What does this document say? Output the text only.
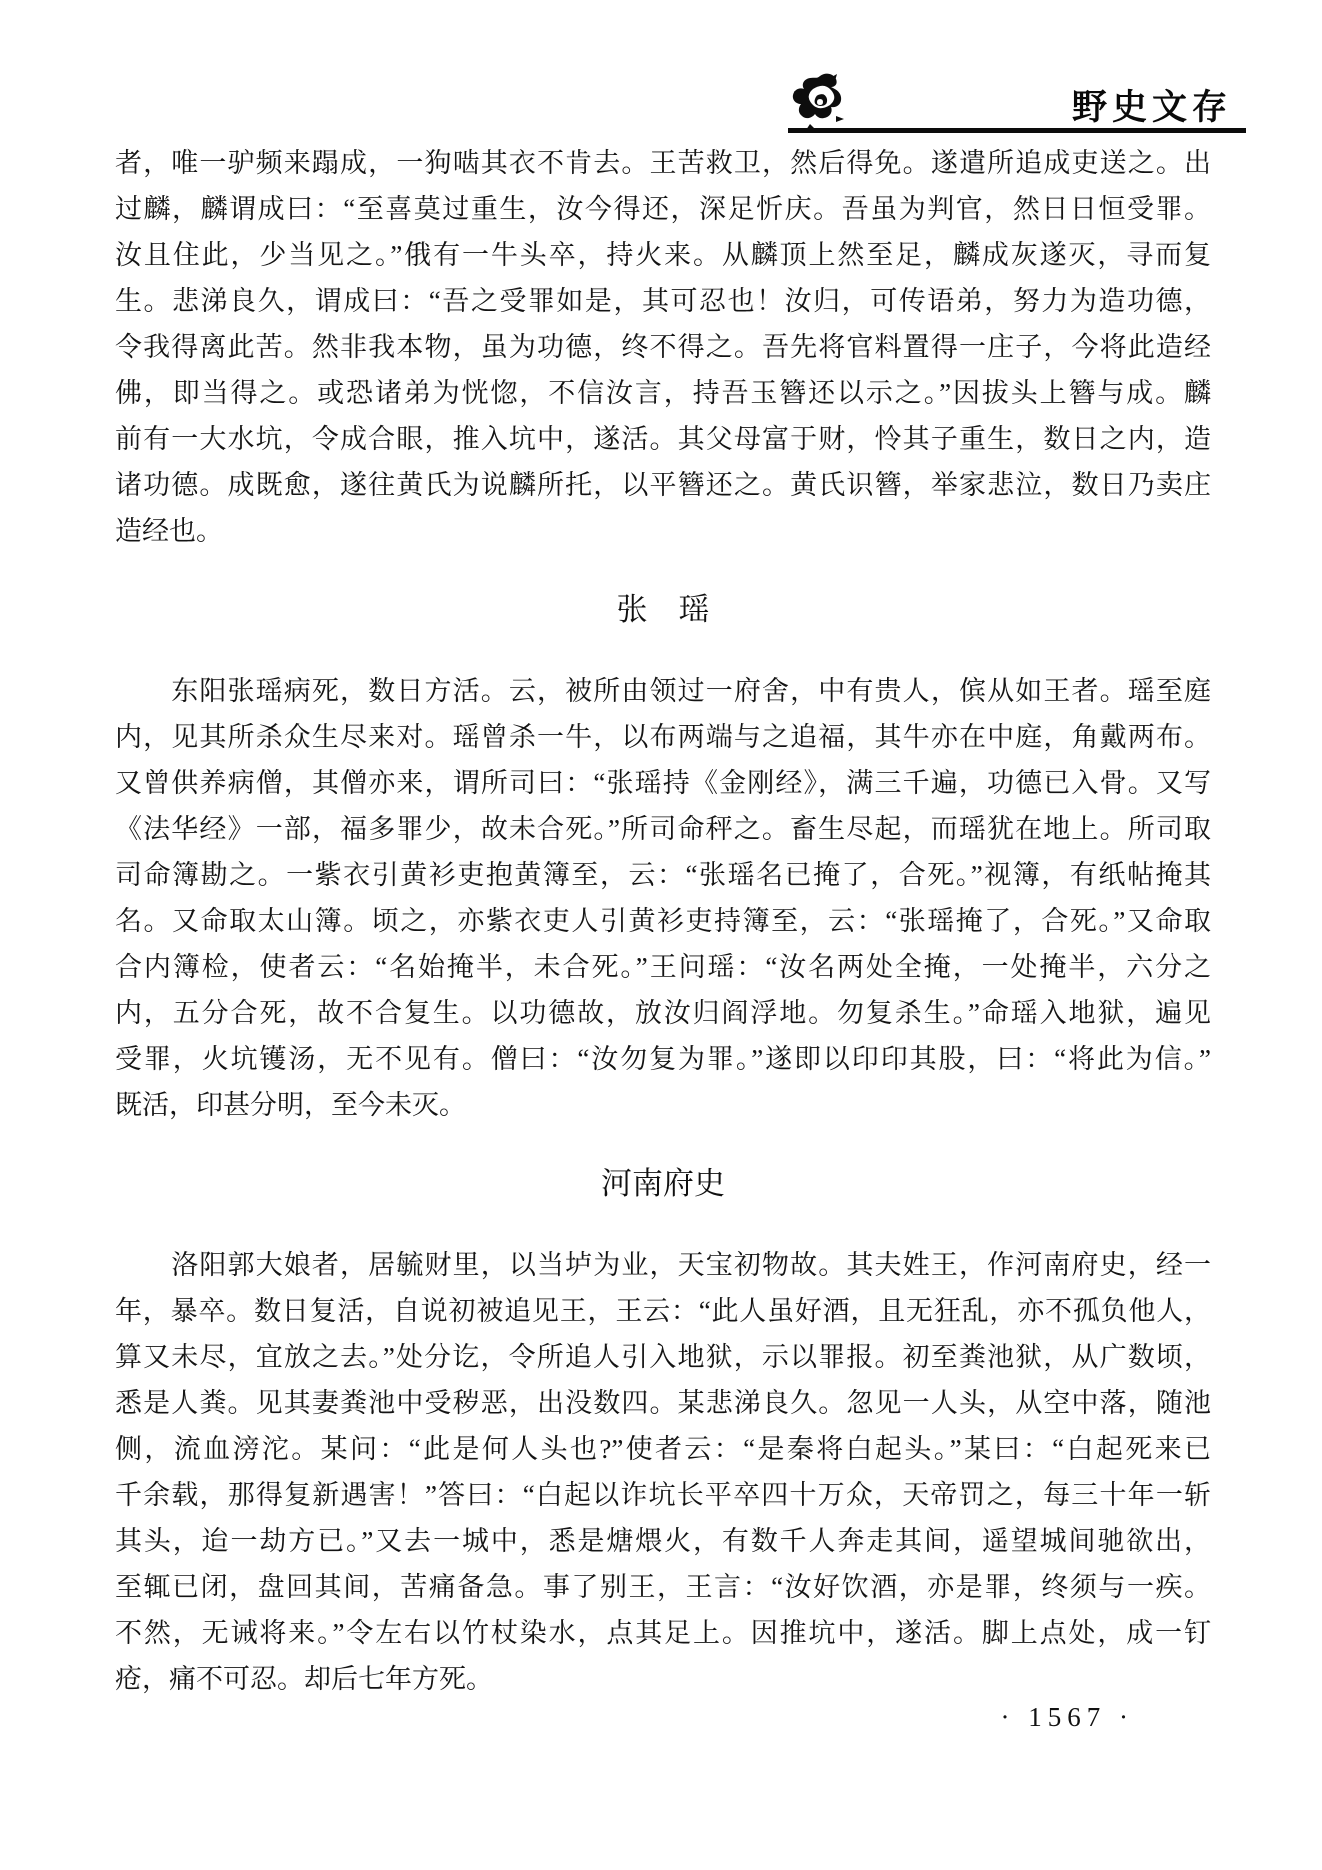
野史文存
者，唯一驴频来蹋成，一狗啮其衣不肯去。王苦救卫，然后得免。遂遣所追成吏送之。出
过麟，麟谓成曰：“至喜莫过重生，汝今得还，深足忻庆。吾虽为判官，然日日恒受罪。
汝且住此，少当见之。”俄有一牛头卒，持火来。从麟顶上然至足，麟成灰遂灭，寻而复
生。悲涕良久，谓成曰：“吾之受罪如是，其可忍也！汝归，可传语弟，努力为造功德，
令我得离此苦。然非我本物，虽为功德，终不得之。吾先将官料置得一庄子，今将此造经
佛，即当得之。或恐诸弟为恍惚，不信汝言，持吾玉簪还以示之。”因拔头上簪与成。麟
前有一大水坑，令成合眼，推入坑中，遂活。其父母富于财，怜其子重生，数日之内，造
诸功德。成既愈，遂往黄氏为说麟所托，以平簪还之。黄氏识簪，举家悲泣，数日乃卖庄
造经也。
张　瑶
　　东阳张瑶病死，数日方活。云，被所由领过一府舍，中有贵人，傧从如王者。瑶至庭
内，见其所杀众生尽来对。瑶曾杀一牛，以布两端与之追福，其牛亦在中庭，角戴两布。
又曾供养病僧，其僧亦来，谓所司曰：“张瑶持《金刚经》，满三千遍，功德已入骨。又写
《法华经》一部，福多罪少，故未合死。”所司命秤之。畜生尽起，而瑶犹在地上。所司取
司命簿勘之。一紫衣引黄衫吏抱黄簿至，云：“张瑶名已掩了，合死。”视簿，有纸帖掩其
名。又命取太山簿。顷之，亦紫衣吏人引黄衫吏持簿至，云：“张瑶掩了，合死。”又命取
合内簿检，使者云：“名始掩半，未合死。”王问瑶：“汝名两处全掩，一处掩半，六分之
内，五分合死，故不合复生。以功德故，放汝归阎浮地。勿复杀生。”命瑶入地狱，遍见
受罪，火坑镬汤，无不见有。僧曰：“汝勿复为罪。”遂即以印印其股，曰：“将此为信。”
既活，印甚分明，至今未灭。
河南府史
　　洛阳郭大娘者，居毓财里，以当垆为业，天宝初物故。其夫姓王，作河南府史，经一
年，暴卒。数日复活，自说初被追见王，王云：“此人虽好酒，且无狂乱，亦不孤负他人，
算又未尽，宜放之去。”处分讫，令所追人引入地狱，示以罪报。初至粪池狱，从广数顷，
悉是人粪。见其妻粪池中受秽恶，出没数四。某悲涕良久。忽见一人头，从空中落，随池
侧，流血滂沱。某问：“此是何人头也?”使者云：“是秦将白起头。”某曰：“白起死来已
千余载，那得复新遇害！”答曰：“白起以诈坑长平卒四十万众，天帝罚之，每三十年一斩
其头，迨一劫方已。”又去一城中，悉是煻煨火，有数千人奔走其间，遥望城间驰欲出，
至辄已闭，盘回其间，苦痛备急。事了别王，王言：“汝好饮酒，亦是罪，终须与一疾。
不然，无诫将来。”令左右以竹杖染水，点其足上。因推坑中，遂活。脚上点处，成一钉
疮，痛不可忍。却后七年方死。
· 1567 ·
